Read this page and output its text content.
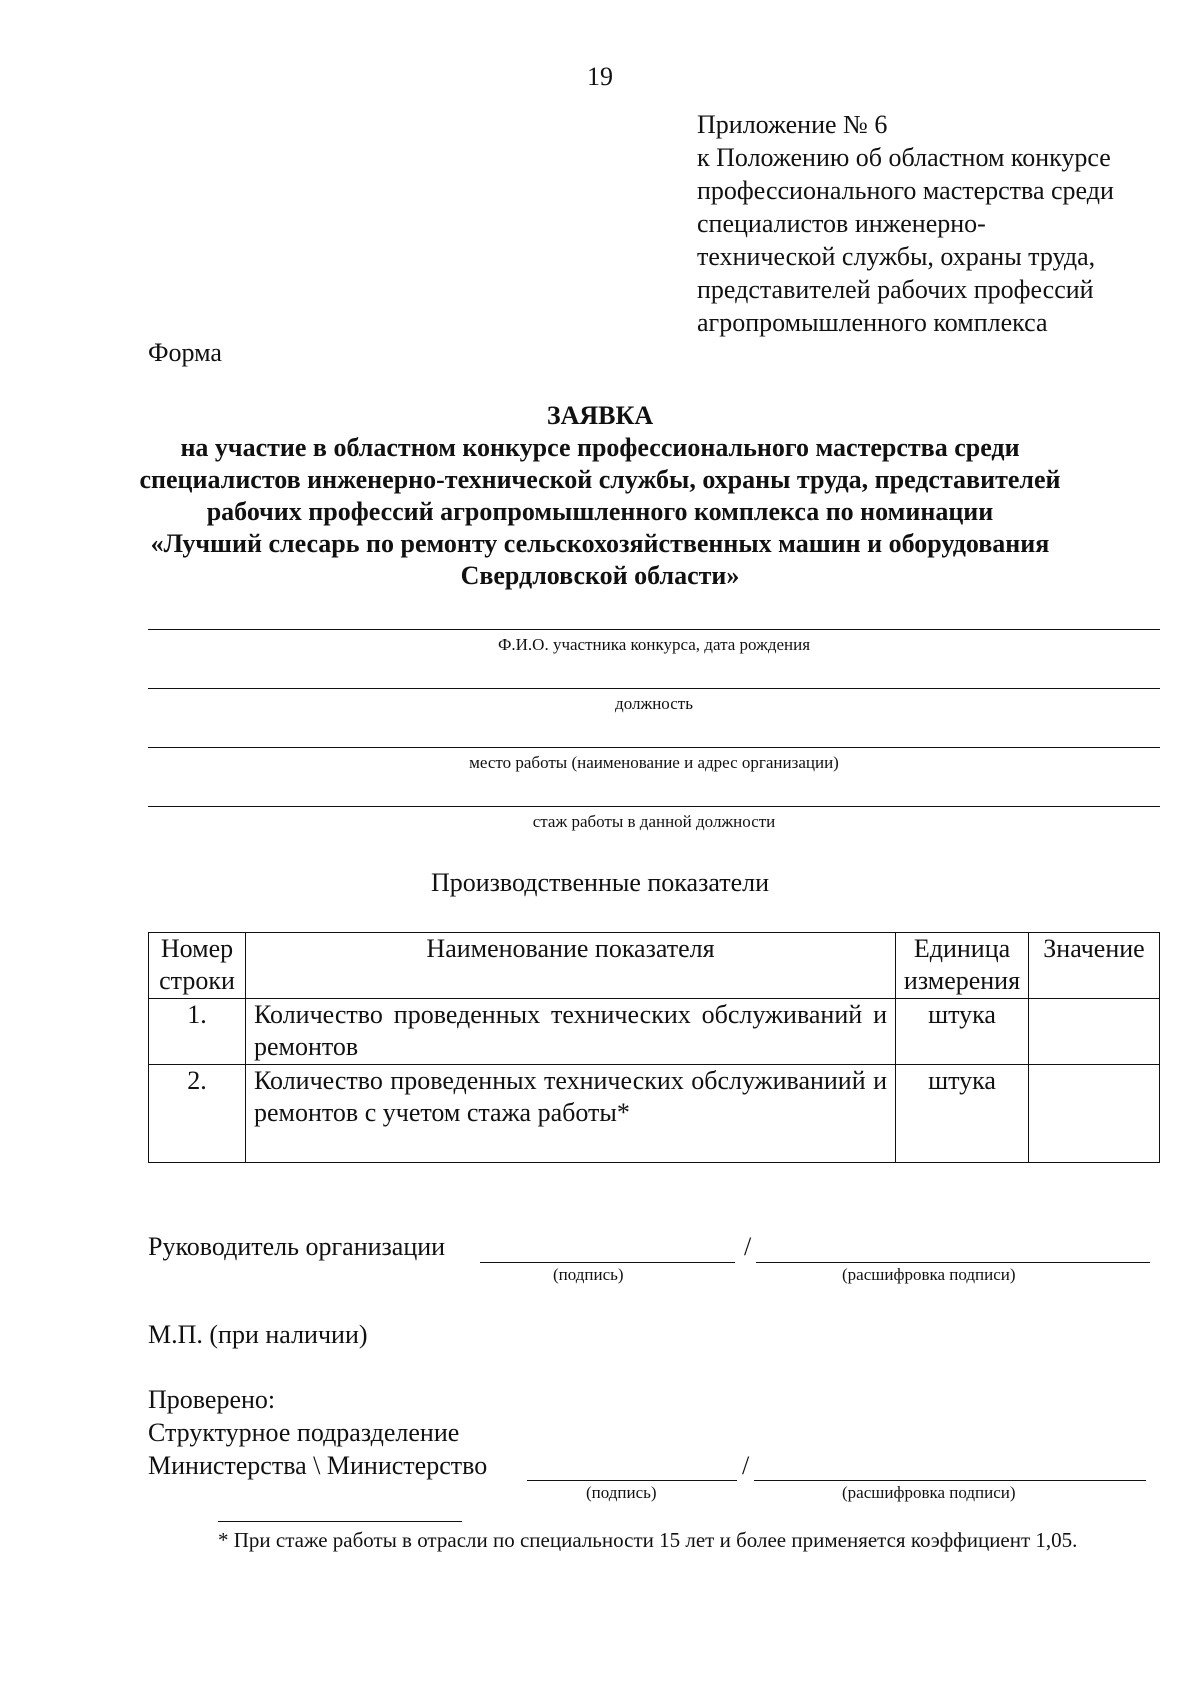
19
Приложение № 6
к Положению об областном конкурсе
профессионального мастерства среди
специалистов инженерно-
технической службы, охраны труда,
представителей рабочих профессий
агропромышленного комплекса
Форма
ЗАЯВКА
на участие в областном конкурсе профессионального мастерства среди
специалистов инженерно-технической службы, охраны труда, представителей
рабочих профессий агропромышленного комплекса по номинации
«Лучший слесарь по ремонту сельскохозяйственных машин и оборудования
Свердловской области»
Ф.И.О. участника конкурса, дата рождения
должность
место работы (наименование и адрес организации)
стаж работы в данной должности
Производственные показатели
Номер строки	Наименование показателя	Единица измерения	Значение
1.	Количество проведенных технических обслуживаний и ремонтов	штука	
2.	Количество проведенных технических обслуживаниий и ремонтов с учетом стажа работы*	штука	
Руководитель организации	/
(подпись)	(расшифровка подписи)
М.П. (при наличии)
Проверено:
Структурное подразделение
Министерства \ Министерство	/
(подпись)	(расшифровка подписи)
* При стаже работы в отрасли по специальности 15 лет и более применяется коэффициент 1,05.
